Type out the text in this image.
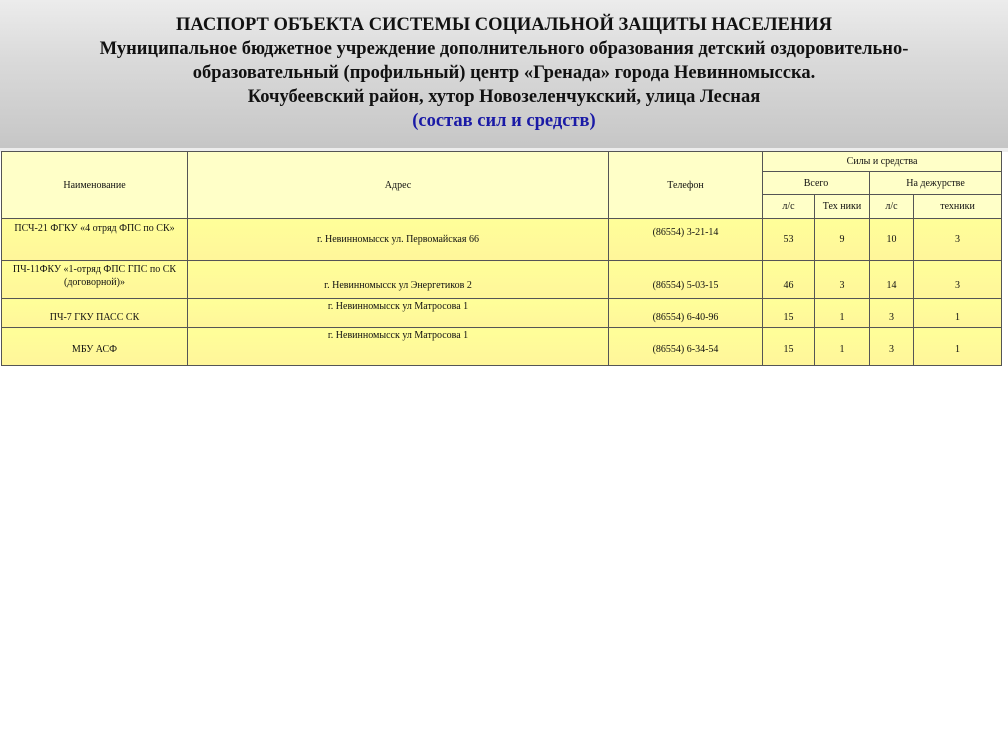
ПАСПОРТ ОБЪЕКТА СИСТЕМЫ СОЦИАЛЬНОЙ ЗАЩИТЫ НАСЕЛЕНИЯ
Муниципальное бюджетное учреждение дополнительного образования детский оздоровительно-
образовательный (профильный) центр «Гренада» города Невинномысска.
Кочубеевский район, хутор Новозеленчукский, улица Лесная
(состав сил и средств)
Наименование	Адрес	Телефон	Силы и средства			
			Всего		На дежурстве	
			л/с	Тех ники	л/с	техники
ПСЧ-21 ФГКУ «4 отряд ФПС по СК»	г. Невинномысск ул. Первомайская 66	(86554) 3-21-14	53	9	10	3
ПЧ-11ФКУ «1-отряд ФПС ГПС по СК (договорной)»	г. Невинномысск ул Энергетиков 2	(86554) 5-03-15	46	3	14	3
ПЧ-7 ГКУ ПАСС СК	г. Невинномысск ул Матросова 1	(86554) 6-40-96	15	1	3	1
МБУ АСФ	г. Невинномысск ул Матросова 1	(86554) 6-34-54	15	1	3	1
